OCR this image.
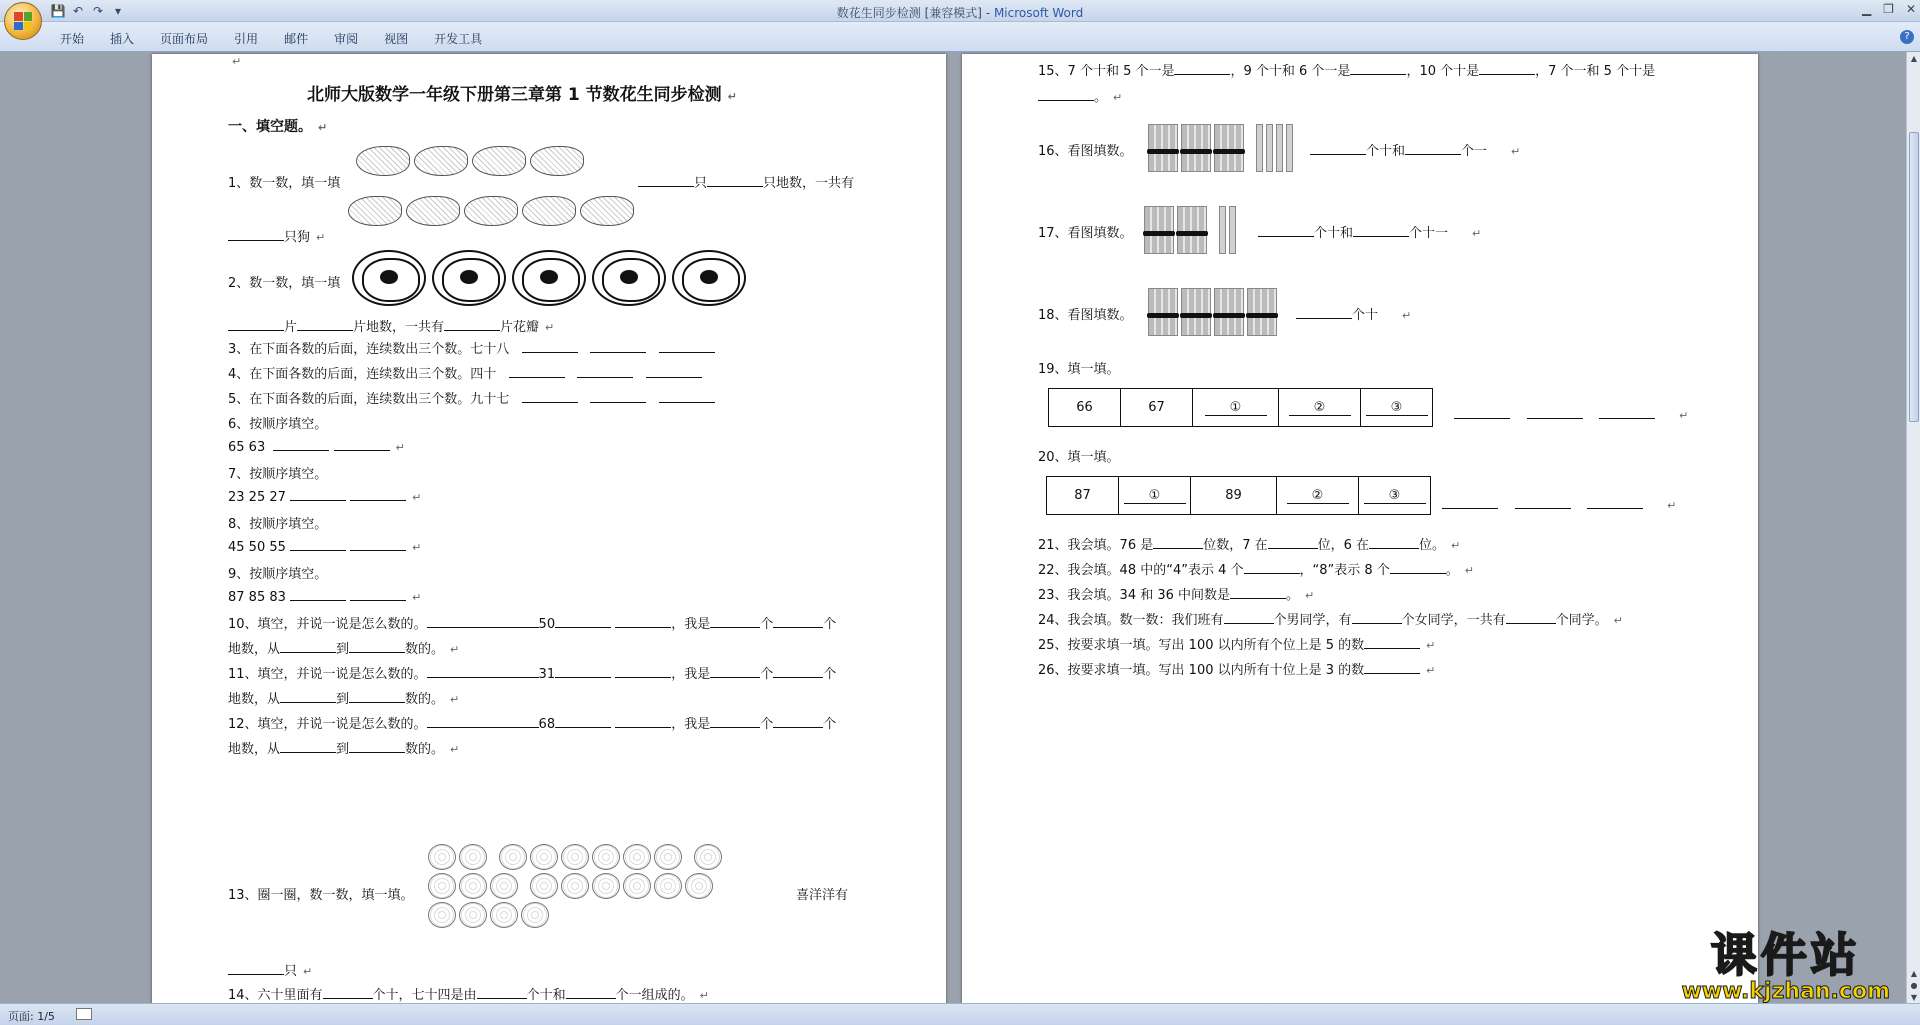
数花生同步检测 [兼容模式] - Microsoft Word
💾 ↶ ↷ ▾	▁ ❐ ✕
开始 插入 页面布局 引用 邮件 审阅 视图 开发工具	?
↵
北师大版数学一年级下册第三章第 1 节数花生同步检测 ↵
一、填空题。 ↵
1、数一数，填一填	只	只地数，一共有
只狗 ↵
2、数一数，填一填
片	片地数，一共有	片花瓣 ↵
3、在下面各数的后面，连续数出三个数。七十八
4、在下面各数的后面，连续数出三个数。四十
5、在下面各数的后面，连续数出三个数。九十七
6、按顺序填空。
65 63	↵
7、按顺序填空。
23 25 27	↵
8、按顺序填空。
45 50 55	↵
9、按顺序填空。
87 85 83	↵
10、填空，并说一说是怎么数的。	50	，我是	个	个
地数，从	到	数的。 ↵
11、填空，并说一说是怎么数的。	31	，我是	个	个
地数，从	到	数的。 ↵
12、填空，并说一说是怎么数的。	68	，我是	个	个
地数，从	到	数的。 ↵
13、圈一圈，数一数，填一填。	喜洋洋有
只 ↵
14、六十里面有	个十，七十四是由	个十和	个一组成的。 ↵
15、7 个十和 5 个一是	，9 个十和 6 个一是	，10 个十是	，7 个一和 5 个十是
。 ↵
16、看图填数。	个十和	个一 ↵
17、看图填数。	个十和	个十一 ↵
18、看图填数。	个十 ↵
19、填一填。
66	67	①	②	③
↵
20、填一填。
87	①	89	②	③
↵
21、我会填。76 是	位数，7 在	位，6 在	位。 ↵
22、我会填。48 中的“4”表示 4 个	，“8”表示 8 个	。 ↵
23、我会填。34 和 36 中间数是	。 ↵
24、我会填。数一数：我们班有	个男同学，有	个女同学，一共有	个同学。 ↵
25、按要求填一填。写出 100 以内所有个位上是 5 的数	↵
26、按要求填一填。写出 100 以内所有十位上是 3 的数	↵
▲
▲
●
▼
页面: 1/5
课件站
www.kjzhan.com
